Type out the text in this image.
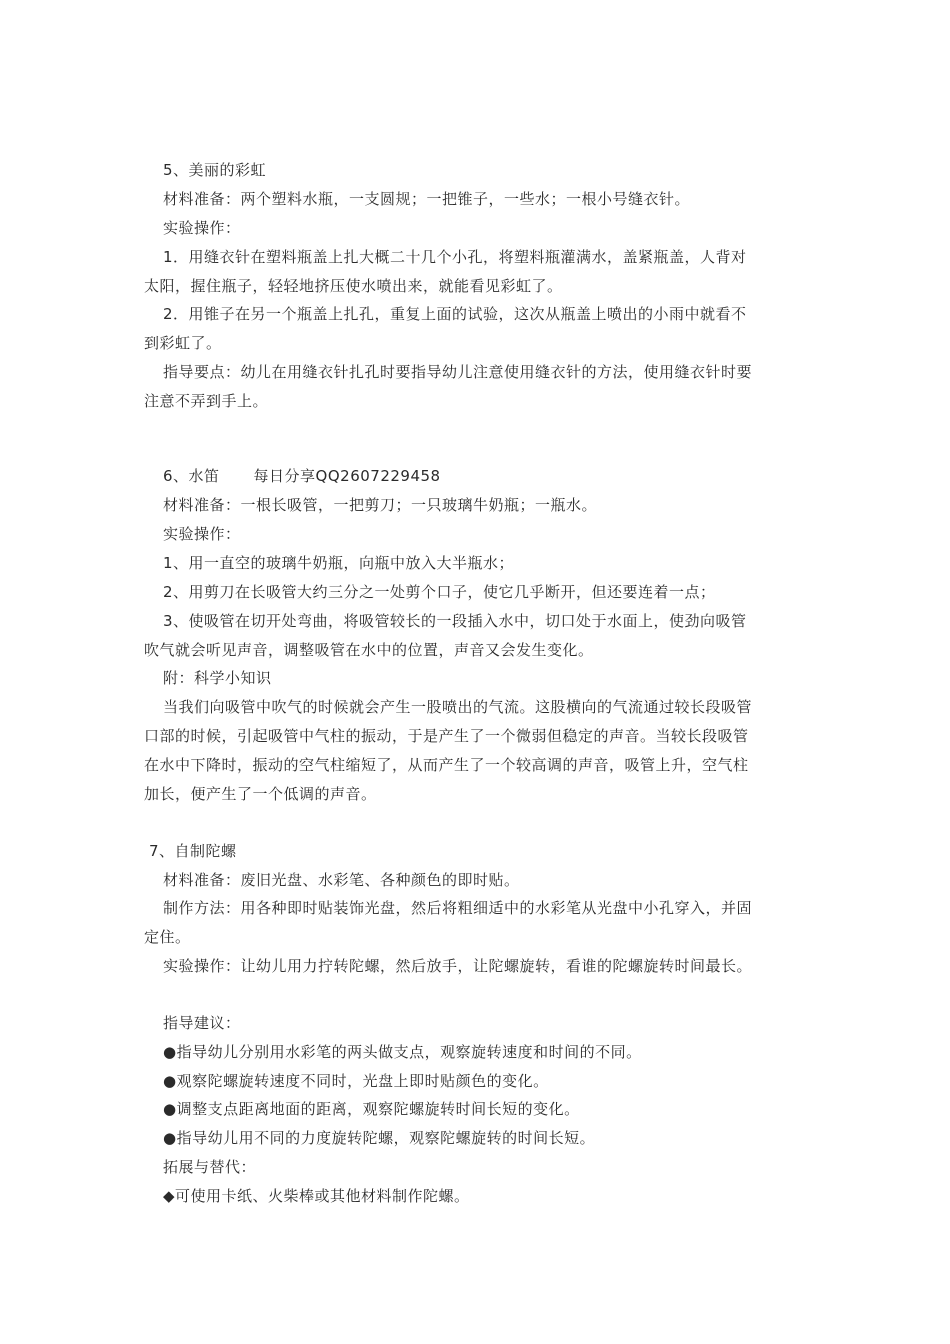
5、美丽的彩虹
材料准备：两个塑料水瓶，一支圆规；一把锥子，一些水；一根小号缝衣针。
实验操作：
1．用缝衣针在塑料瓶盖上扎大概二十几个小孔，将塑料瓶灌满水，盖紧瓶盖，人背对
太阳，握住瓶子，轻轻地挤压使水喷出来，就能看见彩虹了。
2．用锥子在另一个瓶盖上扎孔，重复上面的试验，这次从瓶盖上喷出的小雨中就看不
到彩虹了。
指导要点：幼儿在用缝衣针扎孔时要指导幼儿注意使用缝衣针的方法，使用缝衣针时要
注意不弄到手上。
6、水笛 每日分享QQ2607229458
材料准备：一根长吸管，一把剪刀；一只玻璃牛奶瓶；一瓶水。
实验操作：
1、用一直空的玻璃牛奶瓶，向瓶中放入大半瓶水；
2、用剪刀在长吸管大约三分之一处剪个口子，使它几乎断开，但还要连着一点；
3、使吸管在切开处弯曲，将吸管较长的一段插入水中，切口处于水面上，使劲向吸管
吹气就会听见声音，调整吸管在水中的位置，声音又会发生变化。
附：科学小知识
当我们向吸管中吹气的时候就会产生一股喷出的气流。这股横向的气流通过较长段吸管
口部的时候，引起吸管中气柱的振动，于是产生了一个微弱但稳定的声音。当较长段吸管
在水中下降时，振动的空气柱缩短了，从而产生了一个较高调的声音，吸管上升，空气柱
加长，便产生了一个低调的声音。
7、自制陀螺
材料准备：废旧光盘、水彩笔、各种颜色的即时贴。
制作方法：用各种即时贴装饰光盘，然后将粗细适中的水彩笔从光盘中小孔穿入，并固
定住。
实验操作：让幼儿用力拧转陀螺，然后放手，让陀螺旋转，看谁的陀螺旋转时间最长。
指导建议：
●指导幼儿分别用水彩笔的两头做支点，观察旋转速度和时间的不同。
●观察陀螺旋转速度不同时，光盘上即时贴颜色的变化。
●调整支点距离地面的距离，观察陀螺旋转时间长短的变化。
●指导幼儿用不同的力度旋转陀螺，观察陀螺旋转的时间长短。
拓展与替代：
◆可使用卡纸、火柴棒或其他材料制作陀螺。
